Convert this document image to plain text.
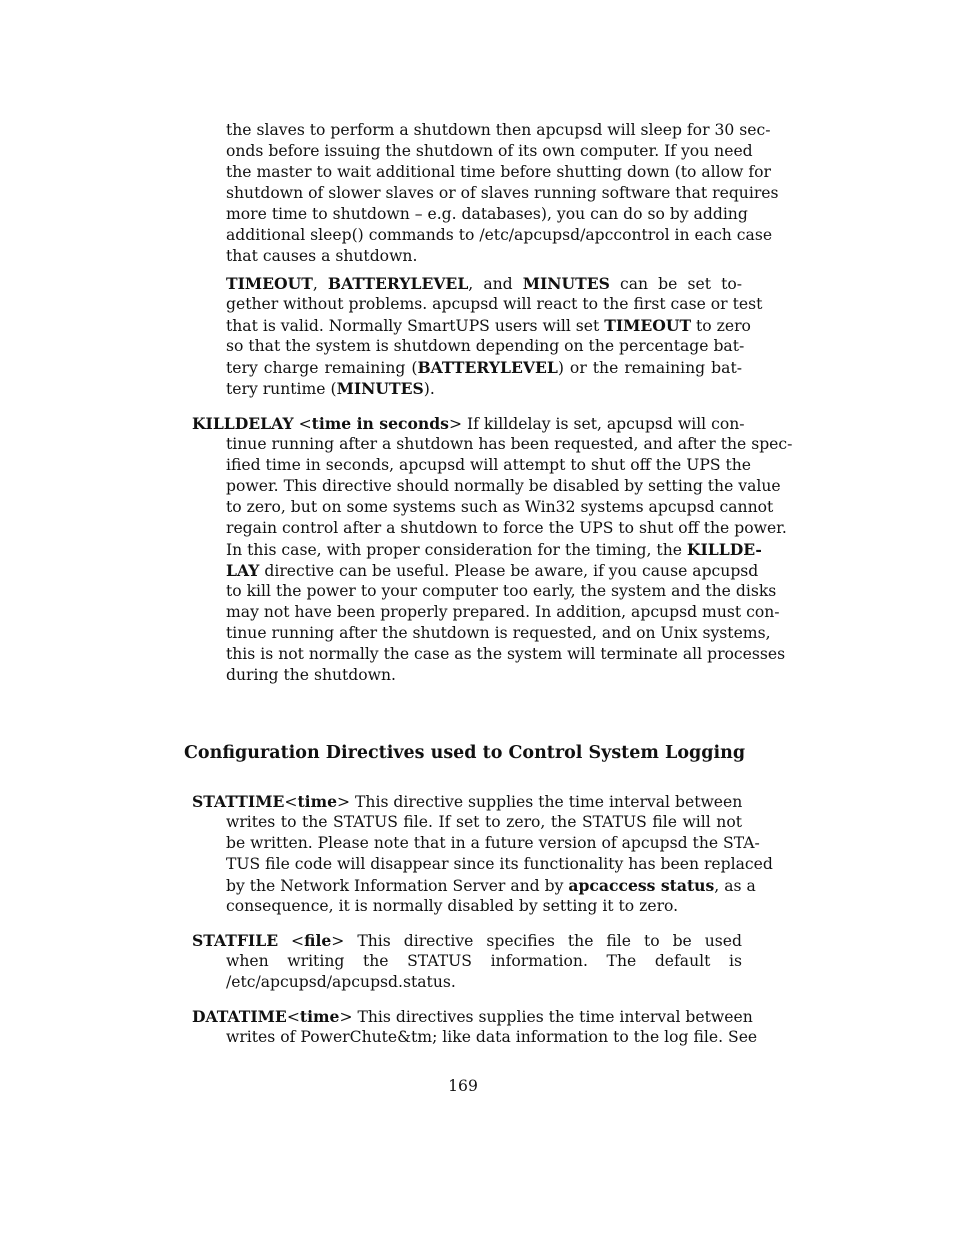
the slaves to perform a shutdown then apcupsd will sleep for 30 sec-
onds before issuing the shutdown of its own computer. If you need
the master to wait additional time before shutting down (to allow for
shutdown of slower slaves or of slaves running software that requires
more time to shutdown – e.g. databases), you can do so by adding
additional sleep() commands to /etc/apcupsd/apccontrol in each case
that causes a shutdown.
TIMEOUT, BATTERYLEVEL, and MINUTES can be set to-
gether without problems. apcupsd will react to the first case or test
that is valid. Normally SmartUPS users will set TIMEOUT to zero
so that the system is shutdown depending on the percentage bat-
tery charge remaining (BATTERYLEVEL) or the remaining bat-
tery runtime (MINUTES).
KILLDELAY <time in seconds> If killdelay is set, apcupsd will con-
tinue running after a shutdown has been requested, and after the spec-
ified time in seconds, apcupsd will attempt to shut off the UPS the
power. This directive should normally be disabled by setting the value
to zero, but on some systems such as Win32 systems apcupsd cannot
regain control after a shutdown to force the UPS to shut off the power.
In this case, with proper consideration for the timing, the KILLDE-
LAY directive can be useful. Please be aware, if you cause apcupsd
to kill the power to your computer too early, the system and the disks
may not have been properly prepared. In addition, apcupsd must con-
tinue running after the shutdown is requested, and on Unix systems,
this is not normally the case as the system will terminate all processes
during the shutdown.
Configuration Directives used to Control System Logging
STATTIME<time> This directive supplies the time interval between
writes to the STATUS file. If set to zero, the STATUS file will not
be written. Please note that in a future version of apcupsd the STA-
TUS file code will disappear since its functionality has been replaced
by the Network Information Server and by apcaccess status, as a
consequence, it is normally disabled by setting it to zero.
STATFILE <file> This directive specifies the file to be used
when writing the STATUS information. The default is
/etc/apcupsd/apcupsd.status.
DATATIME<time> This directives supplies the time interval between
writes of PowerChute&tm; like data information to the log file. See
169
